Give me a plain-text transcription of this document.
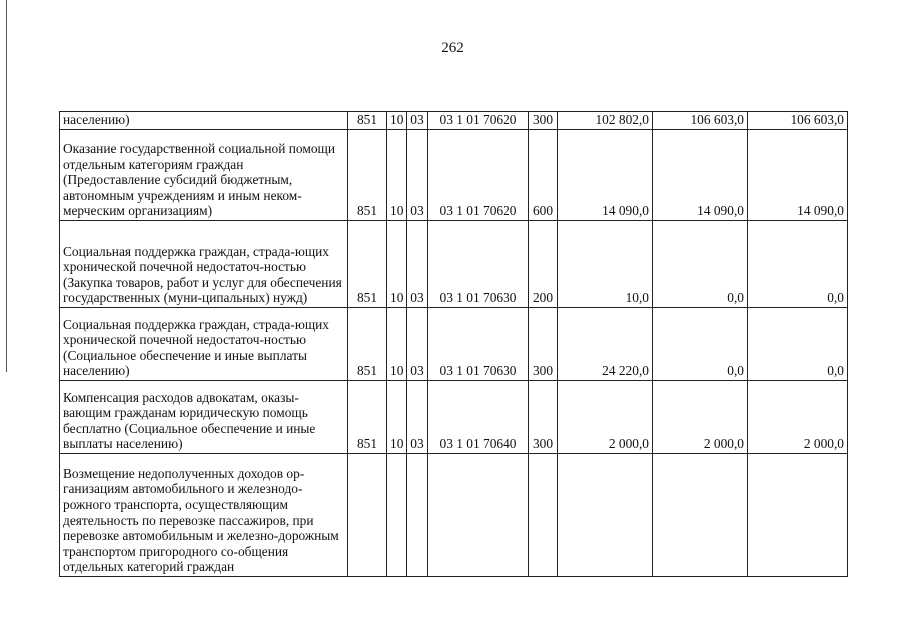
262
населению)	851	10	03	03 1 01 70620	300	102 802,0	106 603,0	106 603,0
Оказание государственной социальной помощи отдельным категориям граждан (Предоставление субсидий бюджетным, автономным учреждениям и иным неком-мерческим организациям)	851	10	03	03 1 01 70620	600	14 090,0	14 090,0	14 090,0
Социальная поддержка граждан, страда-ющих хронической почечной недостаточ-ностью (Закупка товаров, работ и услуг для обеспечения государственных (муни-ципальных) нужд)	851	10	03	03 1 01 70630	200	10,0	0,0	0,0
Социальная поддержка граждан, страда-ющих хронической почечной недостаточ-ностью (Социальное обеспечение и иные выплаты населению)	851	10	03	03 1 01 70630	300	24 220,0	0,0	0,0
Компенсация расходов адвокатам, оказы-вающим гражданам юридическую помощь бесплатно (Социальное обеспечение и иные выплаты населению)	851	10	03	03 1 01 70640	300	2 000,0	2 000,0	2 000,0
Возмещение недополученных доходов ор-ганизациям автомобильного и железнодо-рожного транспорта, осуществляющим деятельность по перевозке пассажиров, при перевозке автомобильным и железно-дорожным транспортом пригородного со-общения отдельных категорий граждан								
